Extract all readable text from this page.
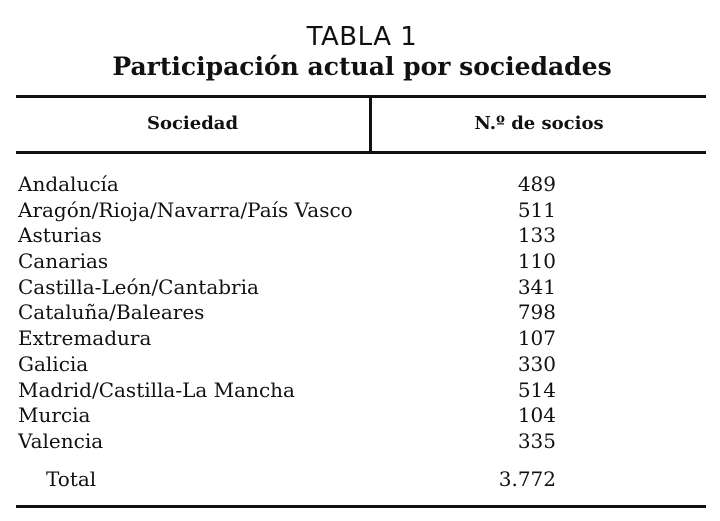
TABLA 1
Participación actual por sociedades
Sociedad	N.º de socios
Andalucía	489
Aragón/Rioja/Navarra/País Vasco	511
Asturias	133
Canarias	110
Castilla-León/Cantabria	341
Cataluña/Baleares	798
Extremadura	107
Galicia	330
Madrid/Castilla-La Mancha	514
Murcia	104
Valencia	335
Total	3.772
